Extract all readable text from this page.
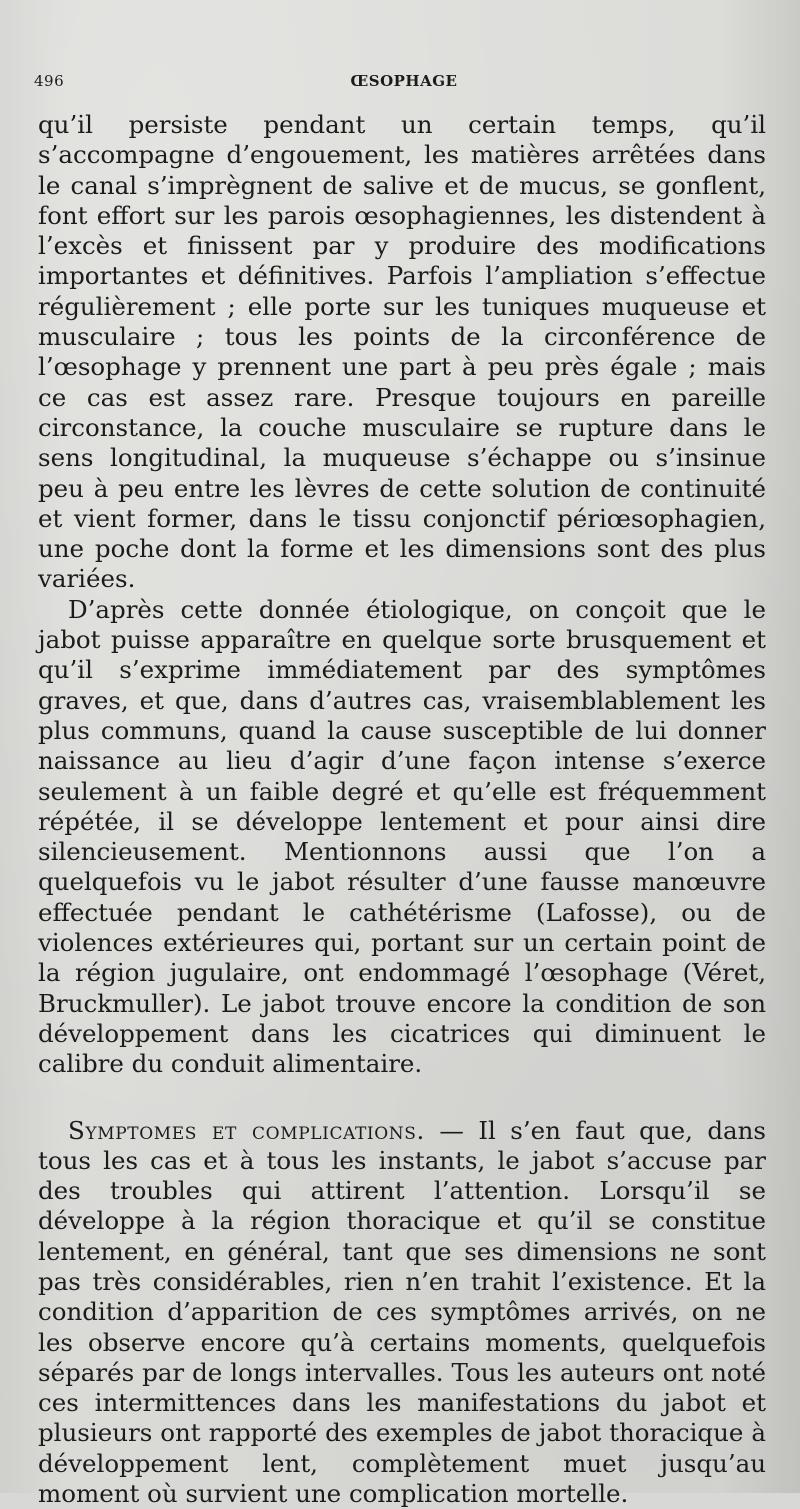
496	ŒSOPHAGE

qu’il persiste pendant un certain temps, qu’il s’accompagne d’engouement, les matières arrêtées dans le canal s’imprègnent de salive et de mucus, se gonflent, font effort sur les parois œsophagiennes, les distendent à l’excès et finissent par y produire des modifications importantes et définitives. Parfois l’ampliation s’effectue régulièrement ; elle porte sur les tuniques muqueuse et musculaire ; tous les points de la circonférence de l’œsophage y prennent une part à peu près égale ; mais ce cas est assez rare. Presque toujours en pareille circonstance, la couche musculaire se rupture dans le sens longitudinal, la muqueuse s’échappe ou s’insinue peu à peu entre les lèvres de cette solution de continuité et vient former, dans le tissu conjonctif périœsophagien, une poche dont la forme et les dimensions sont des plus variées.

D’après cette donnée étiologique, on conçoit que le jabot puisse apparaître en quelque sorte brusquement et qu’il s’exprime immédiatement par des symptômes graves, et que, dans d’autres cas, vraisemblablement les plus communs, quand la cause susceptible de lui donner naissance au lieu d’agir d’une façon intense s’exerce seulement à un faible degré et qu’elle est fréquemment répétée, il se développe lentement et pour ainsi dire silencieusement. Mentionnons aussi que l’on a quelquefois vu le jabot résulter d’une fausse manœuvre effectuée pendant le cathétérisme (Lafosse), ou de violences extérieures qui, portant sur un certain point de la région jugulaire, ont endommagé l’œsophage (Véret, Bruckmuller). Le jabot trouve encore la condition de son développement dans les cicatrices qui diminuent le calibre du conduit alimentaire.

Symptomes et complications. — Il s’en faut que, dans tous les cas et à tous les instants, le jabot s’accuse par des troubles qui attirent l’attention. Lorsqu’il se développe à la région thoracique et qu’il se constitue lentement, en général, tant que ses dimensions ne sont pas très considérables, rien n’en trahit l’existence. Et la condition d’apparition de ces symptômes arrivés, on ne les observe encore qu’à certains moments, quelquefois séparés par de longs intervalles. Tous les auteurs ont noté ces intermittences dans les manifestations du jabot et plusieurs ont rapporté des exemples de jabot thoracique à développement lent, complètement muet jusqu’au moment où survient une complication mortelle.
